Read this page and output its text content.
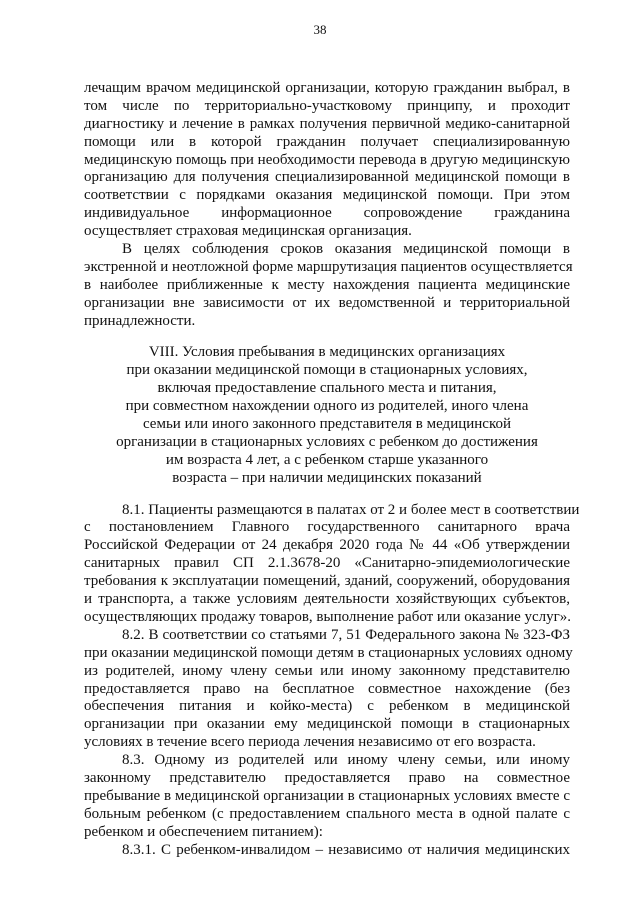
38
лечащим врачом медицинской организации, которую гражданин выбрал, в
том числе по территориально-участковому принципу, и проходит
диагностику и лечение в рамках получения первичной медико-санитарной
помощи или в которой гражданин получает специализированную
медицинскую помощь при необходимости перевода в другую медицинскую
организацию для получения специализированной медицинской помощи в
соответствии с порядками оказания медицинской помощи. При этом
индивидуальное информационное сопровождение гражданина
осуществляет страховая медицинская организация.
В целях соблюдения сроков оказания медицинской помощи в
экстренной и неотложной форме маршрутизация пациентов осуществляется
в наиболее приближенные к месту нахождения пациента медицинские
организации вне зависимости от их ведомственной и территориальной
принадлежности.
VIII. Условия пребывания в медицинских организациях
при оказании медицинской помощи в стационарных условиях,
включая предоставление спального места и питания,
при совместном нахождении одного из родителей, иного члена
семьи или иного законного представителя в медицинской
организации в стационарных условиях с ребенком до достижения
им возраста 4 лет, а с ребенком старше указанного
возраста – при наличии медицинских показаний
8.1. Пациенты размещаются в палатах от 2 и более мест в соответствии
с постановлением Главного государственного санитарного врача
Российской Федерации от 24 декабря 2020 года № 44 «Об утверждении
санитарных правил СП 2.1.3678-20 «Санитарно-эпидемиологические
требования к эксплуатации помещений, зданий, сооружений, оборудования
и транспорта, а также условиям деятельности хозяйствующих субъектов,
осуществляющих продажу товаров, выполнение работ или оказание услуг».
8.2. В соответствии со статьями 7, 51 Федерального закона № 323-ФЗ
при оказании медицинской помощи детям в стационарных условиях одному
из родителей, иному члену семьи или иному законному представителю
предоставляется право на бесплатное совместное нахождение (без
обеспечения питания и койко-места) с ребенком в медицинской
организации при оказании ему медицинской помощи в стационарных
условиях в течение всего периода лечения независимо от его возраста.
8.3. Одному из родителей или иному члену семьи, или иному
законному представителю предоставляется право на совместное
пребывание в медицинской организации в стационарных условиях вместе с
больным ребенком (с предоставлением спального места в одной палате с
ребенком и обеспечением питанием):
8.3.1. С ребенком-инвалидом – независимо от наличия медицинских
